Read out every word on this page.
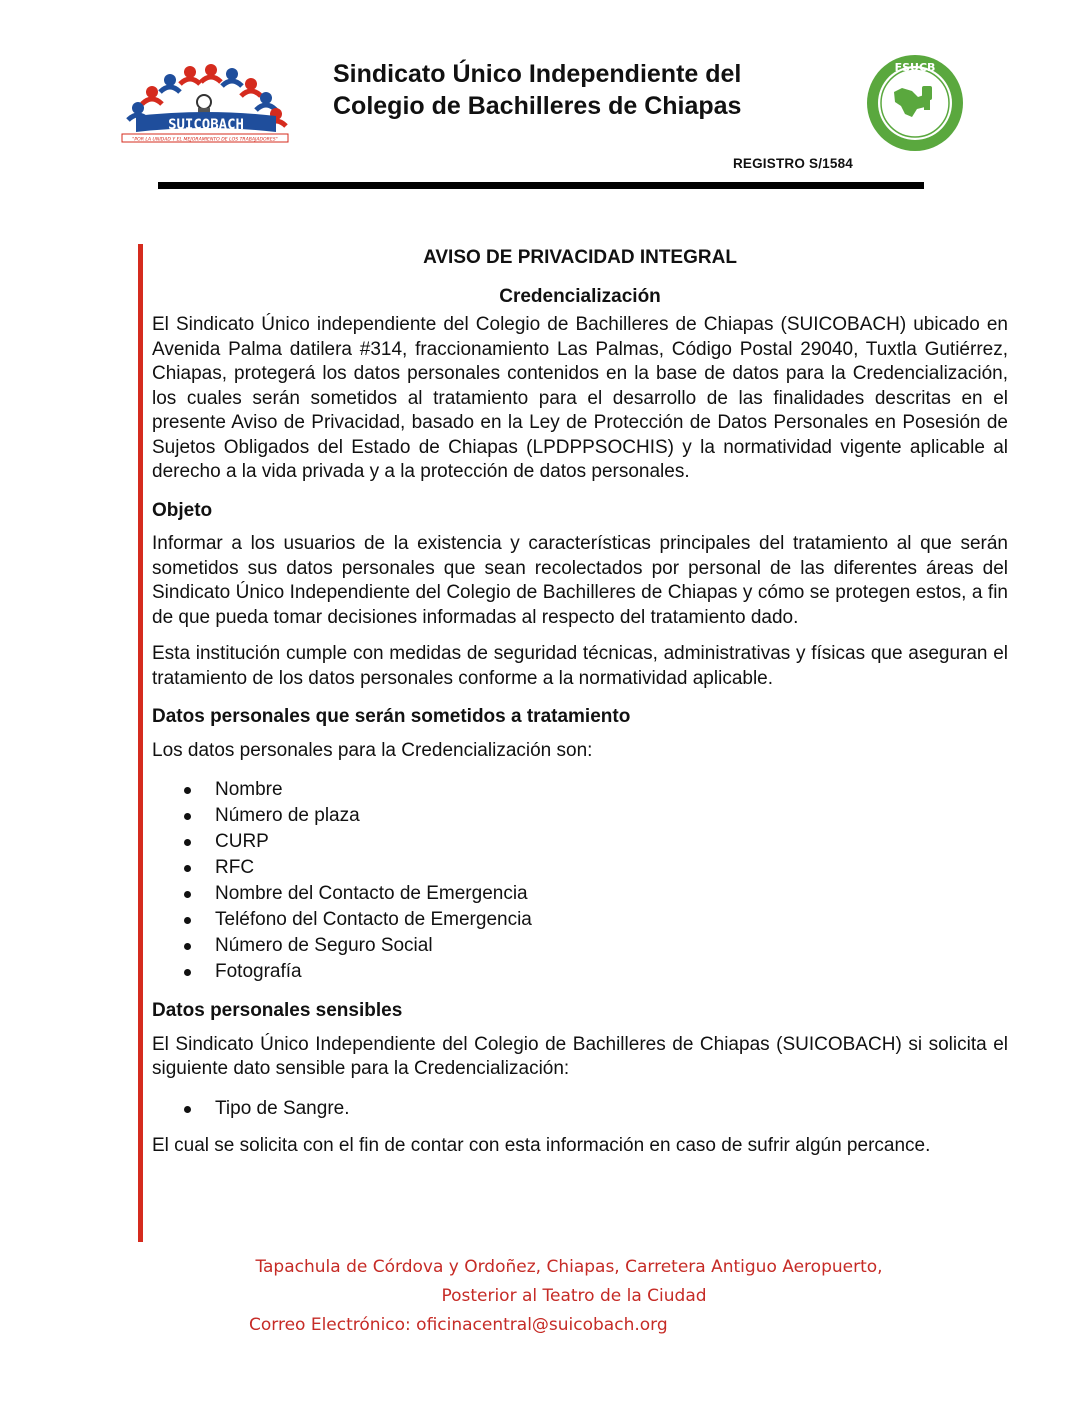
SUICOBACH
"POR LA UNIDAD Y EL MEJORAMIENTO DE LOS TRABAJADORES"
Sindicato Único Independiente del
Colegio de Bachilleres de Chiapas
FSUCB
REGISTRO S/1584

AVISO DE PRIVACIDAD INTEGRAL

Credencialización

El Sindicato Único independiente del Colegio de Bachilleres de Chiapas (SUICOBACH) ubicado en Avenida Palma datilera #314, fraccionamiento Las Palmas, Código Postal 29040, Tuxtla Gutiérrez, Chiapas, protegerá los datos personales contenidos en la base de datos para la Credencialización, los cuales serán sometidos al tratamiento para el desarrollo de las finalidades descritas en el presente Aviso de Privacidad, basado en la Ley de Protección de Datos Personales en Posesión de Sujetos Obligados del Estado de Chiapas (LPDPPSOCHIS) y la normatividad vigente aplicable al derecho a la vida privada y a la protección de datos personales.

Objeto

Informar a los usuarios de la existencia y características principales del tratamiento al que serán sometidos sus datos personales que sean recolectados por personal de las diferentes áreas del Sindicato Único Independiente del Colegio de Bachilleres de Chiapas y cómo se protegen estos, a fin de que pueda tomar decisiones informadas al respecto del tratamiento dado.

Esta institución cumple con medidas de seguridad técnicas, administrativas y físicas que aseguran el tratamiento de los datos personales conforme a la normatividad aplicable.

Datos personales que serán sometidos a tratamiento

Los datos personales para la Credencialización son:

Nombre
Número de plaza
CURP
RFC
Nombre del Contacto de Emergencia
Teléfono del Contacto de Emergencia
Número de Seguro Social
Fotografía

Datos personales sensibles

El Sindicato Único Independiente del Colegio de Bachilleres de Chiapas (SUICOBACH) si solicita el siguiente dato sensible para la Credencialización:

Tipo de Sangre.

El cual se solicita con el fin de contar con esta información en caso de sufrir algún percance.

Tapachula de Córdova y Ordoñez, Chiapas, Carretera Antiguo Aeropuerto,
Posterior al Teatro de la Ciudad
Correo Electrónico: oficinacentral@suicobach.org
